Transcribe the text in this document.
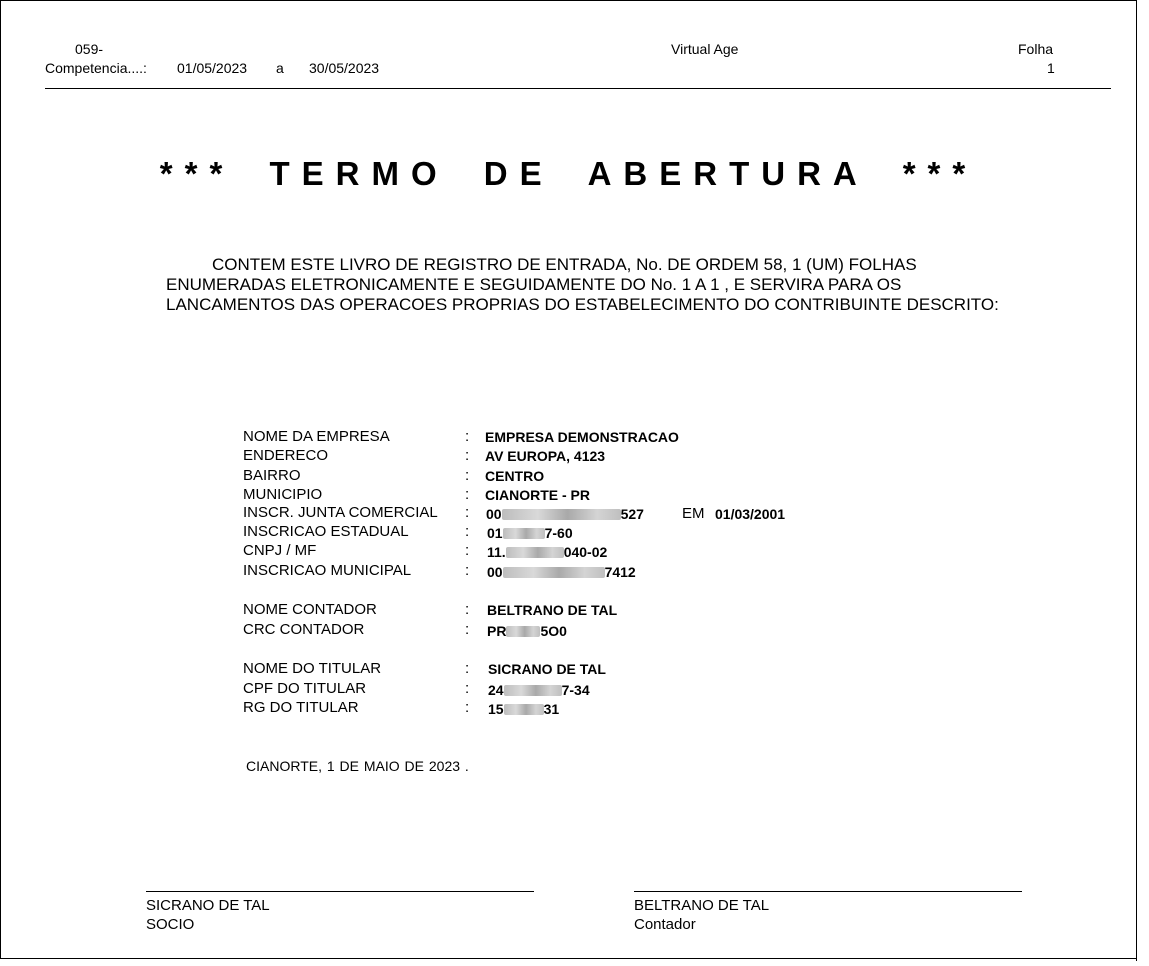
059-
Competencia....: 01/05/2023 a 30/05/2023
Virtual Age	Folha
1
*** TERMO DE ABERTURA ***
CONTEM ESTE LIVRO DE REGISTRO DE ENTRADA, No. DE ORDEM 58, 1 (UM) FOLHAS
ENUMERADAS ELETRONICAMENTE E SEGUIDAMENTE DO No. 1 A 1 , E SERVIRA PARA OS
LANCAMENTOS DAS OPERACOES PROPRIAS DO ESTABELECIMENTO DO CONTRIBUINTE DESCRITO:
NOME DA EMPRESA	: EMPRESA DEMONSTRACAO
ENDERECO	: AV EUROPA, 4123
BAIRRO	: CENTRO
MUNICIPIO	: CIANORTE - PR
INSCR. JUNTA COMERCIAL : 00	527	EM 01/03/2001
INSCRICAO ESTADUAL	: 01	7-60
CNPJ / MF	: 11.	040-02
INSCRICAO MUNICIPAL	: 00	7412
NOME CONTADOR	: BELTRANO DE TAL
CRC CONTADOR	: PR 5O0
NOME DO TITULAR	: SICRANO DE TAL
CPF DO TITULAR	: 24	7-34
RG DO TITULAR	: 15	31
CIANORTE, 1 DE MAIO DE 2023 .
SICRANO DE TAL
SOCIO
BELTRANO DE TAL
Contador
